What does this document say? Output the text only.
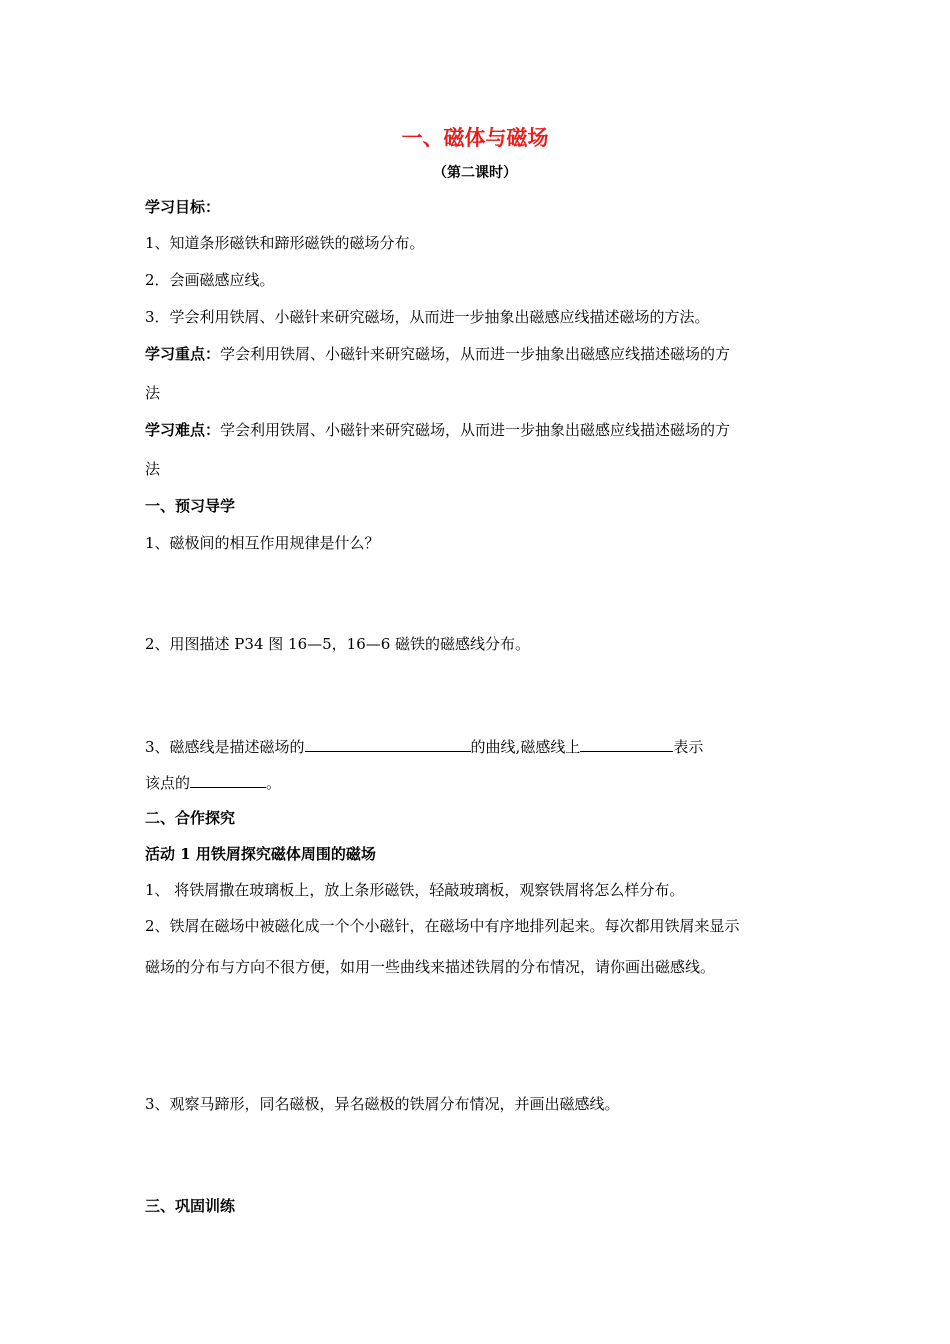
一、磁体与磁场
（第二课时）
学习目标：
1、知道条形磁铁和蹄形磁铁的磁场分布。
2．会画磁感应线。
3．学会利用铁屑、小磁针来研究磁场，从而进一步抽象出磁感应线描述磁场的方法。
学习重点：学会利用铁屑、小磁针来研究磁场，从而进一步抽象出磁感应线描述磁场的方
法
学习难点：学会利用铁屑、小磁针来研究磁场，从而进一步抽象出磁感应线描述磁场的方
法
一、预习导学
1、磁极间的相互作用规律是什么？
2、用图描述 P34 图 16—5，16—6 磁铁的磁感线分布。
3、磁感线是描述磁场的	的曲线,磁感线上	表示
该点的	。
二、合作探究
活动 1 用铁屑探究磁体周围的磁场
1、 将铁屑撒在玻璃板上，放上条形磁铁，轻敲玻璃板，观察铁屑将怎么样分布。
2、铁屑在磁场中被磁化成一个个小磁针，在磁场中有序地排列起来。每次都用铁屑来显示
磁场的分布与方向不很方便，如用一些曲线来描述铁屑的分布情况，请你画出磁感线。
3、观察马蹄形，同名磁极，异名磁极的铁屑分布情况，并画出磁感线。
三、巩固训练
